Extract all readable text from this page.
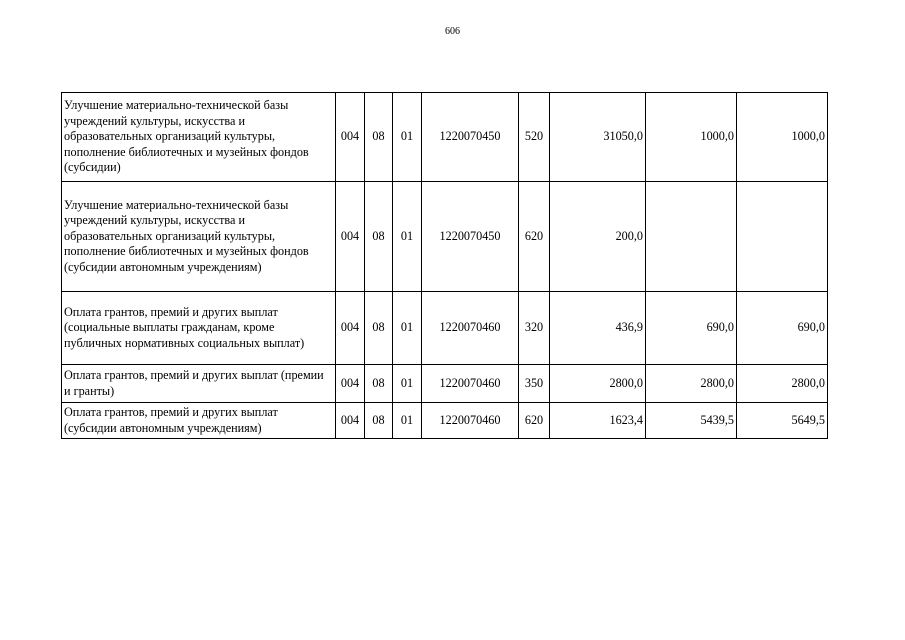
606
Улучшение материально-технической базы учреждений культуры, искусства и образовательных организаций культуры, пополнение библиотечных и музейных фондов (субсидии)	004	08	01	1220070450	520	31050,0	1000,0	1000,0
Улучшение материально-технической базы учреждений культуры, искусства и образовательных организаций культуры, пополнение библиотечных и музейных фондов (субсидии автономным учреждениям)	004	08	01	1220070450	620	200,0		
Оплата грантов, премий и других выплат (социальные выплаты гражданам, кроме публичных нормативных социальных выплат)	004	08	01	1220070460	320	436,9	690,0	690,0
Оплата грантов, премий и других выплат (премии и гранты)	004	08	01	1220070460	350	2800,0	2800,0	2800,0
Оплата грантов, премий и других выплат (субсидии автономным учреждениям)	004	08	01	1220070460	620	1623,4	5439,5	5649,5
